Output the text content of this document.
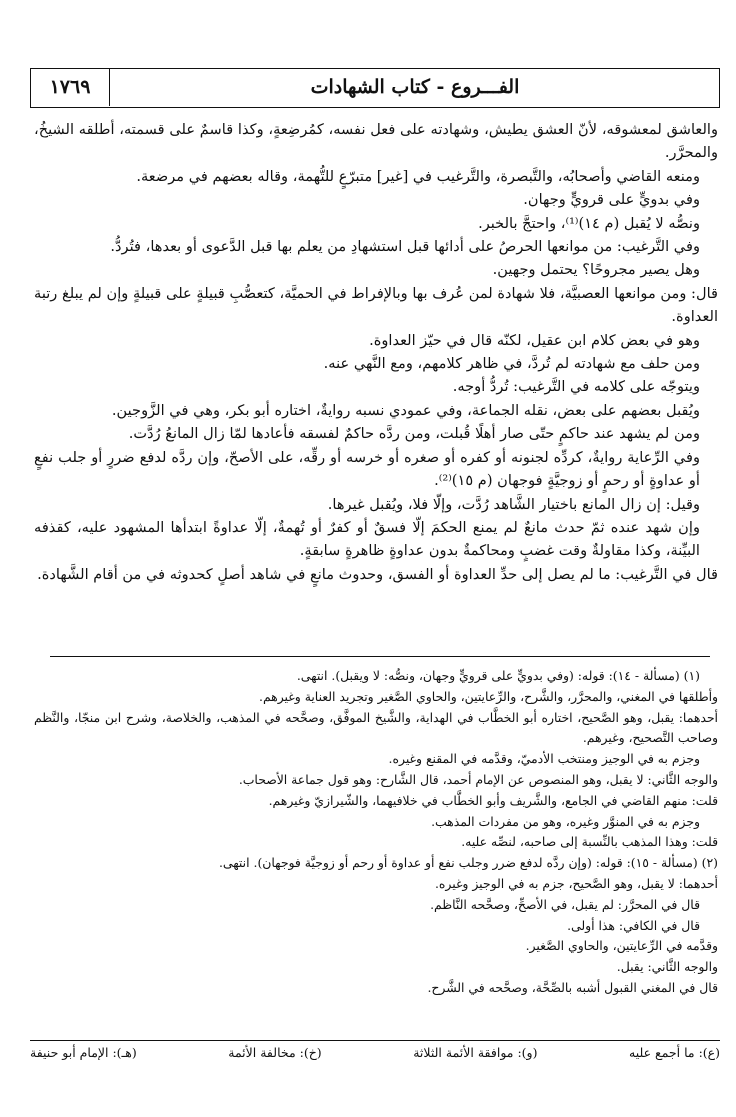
الفـــروع - كتاب الشهادات
١٧٦٩

والعاشق لمعشوقه، لأنّ العشق يطيش، وشهادته على فعل نفسه، كمُرضِعةٍ، وكذا قاسمٌ على قسمته، أطلقه الشيخُ، والمحرَّر.

ومنعه القاضي وأصحابُه، والتَّبصرة، والتَّرغيب في [غير] متبرّعٍ للتُّهمة، وقاله بعضهم في مرضعة.

وفي بدويٍّ على قرويٍّ وجهان.

ونصُّه لا يُقبل (م ١٤)⁽¹⁾، واحتجَّ بالخبر.

وفي التَّرغيب: من موانعها الحرصُ على أدائها قبل استشهادِ من يعلم بها قبل الدَّعوى أو بعدها، فتُردُّ.

وهل يصير مجروحًا؟ يحتمل وجهين.

قال: ومن موانعها العصبيَّة، فلا شهادة لمن عُرف بها وبالإفراط في الحميَّة، كتعصُّبِ قبيلةٍ على قبيلةٍ وإن لم يبلغ رتبة العداوة.

وهو في بعض كلام ابن عقيل، لكنّه قال في حيّز العداوة.

ومن حلف مع شهادته لم تُردَّ، في ظاهر كلامهم، ومع النَّهي عنه.

ويتوجّه على كلامه في التَّرغيب: تُردُّ أوجه.

ويُقبل بعضهم على بعض، نقله الجماعة، وفي عمودي نسبه روايةٌ، اختاره أبو بكر، وهي في الزَّوجين.

ومن لم يشهد عند حاكمٍ حتّى صار أهلًا قُبلت، ومن ردَّه حاكمٌ لفسقه فأعادها لمّا زال المانعُ رُدَّت.

وفي الرِّعاية روايةٌ، كردِّه لجنونه أو كفره أو صغره أو خرسه أو رقِّه، على الأصحّ، وإن ردَّه لدفع ضررٍ أو جلب نفعٍ أو عداوةٍ أو رحمٍ أو زوجيَّةٍ فوجهان (م ١٥)⁽²⁾.

وقيل: إن زال المانع باختيار الشَّاهد رُدَّت، وإلّا فلا، ويُقبل غيرها.

وإن شهد عنده ثمّ حدث مانعٌ لم يمنع الحكمَ إلّا فسقٌ أو كفرٌ أو تُهمةٌ، إلّا عداوةً ابتدأها المشهود عليه، كقذفه البيِّنة، وكذا مقاولةٌ وقت غضبٍ ومحاكمةٌ بدون عداوةٍ ظاهرةٍ سابقةٍ.

قال في التَّرغيب: ما لم يصل إلى حدِّ العداوة أو الفسق، وحدوث مانعٍ في شاهد أصلٍ كحدوثه في من أقام الشَّهادة.

(١) (مسألة - ١٤): قوله: (وفي بدويٍّ على قرويٍّ وجهان، ونصُّه: لا ويقبل). انتهى.

وأطلقها في المغني، والمحرَّر، والشَّرح، والرِّعايتين، والحاوي الصَّغير وتجريد العناية وغيرهم.

أحدهما: يقبل، وهو الصَّحيح، اختاره أبو الخطَّاب في الهداية، والشَّيخ الموفَّق، وصحَّحه في المذهب، والخلاصة، وشرح ابن منجّا، والنَّظم وصاحب التَّصحيح، وغيرهم.

وجزم به في الوجيز ومنتخب الأدميّ، وقدَّمه في المقنع وغيره.

والوجه الثَّاني: لا يقبل، وهو المنصوص عن الإمام أحمد، قال الشَّارح: وهو قول جماعة الأصحاب.

قلت: منهم القاضي في الجامع، والشَّريف وأبو الخطَّاب في خلافيهما، والشّيرازيّ وغيرهم.

وجزم به في المنوَّر وغيره، وهو من مفردات المذهب.

قلت: وهذا المذهب بالنِّسبة إلى صاحبه، لنصِّه عليه.

(٢) (مسألة - ١٥): قوله: (وإن ردَّه لدفع ضرر وجلب نفع أو عداوة أو رحم أو زوجيَّة فوجهان). انتهى.

أحدهما: لا يقبل، وهو الصَّحيح، جزم به في الوجيز وغيره.

قال في المحرَّر: لم يقبل، في الأصحِّ، وصحَّحه النَّاظم.

قال في الكافي: هذا أولى.

وقدَّمه في الرِّعايتين، والحاوي الصَّغير.

والوجه الثَّاني: يقبل.

قال في المغني القبول أشبه بالصِّحَّة، وصحَّحه في الشَّرح.

(ع): ما أجمع عليه
(و): موافقة الأئمة الثلاثة
(خ): مخالفة الأئمة
(هـ): الإمام أبو حنيفة
